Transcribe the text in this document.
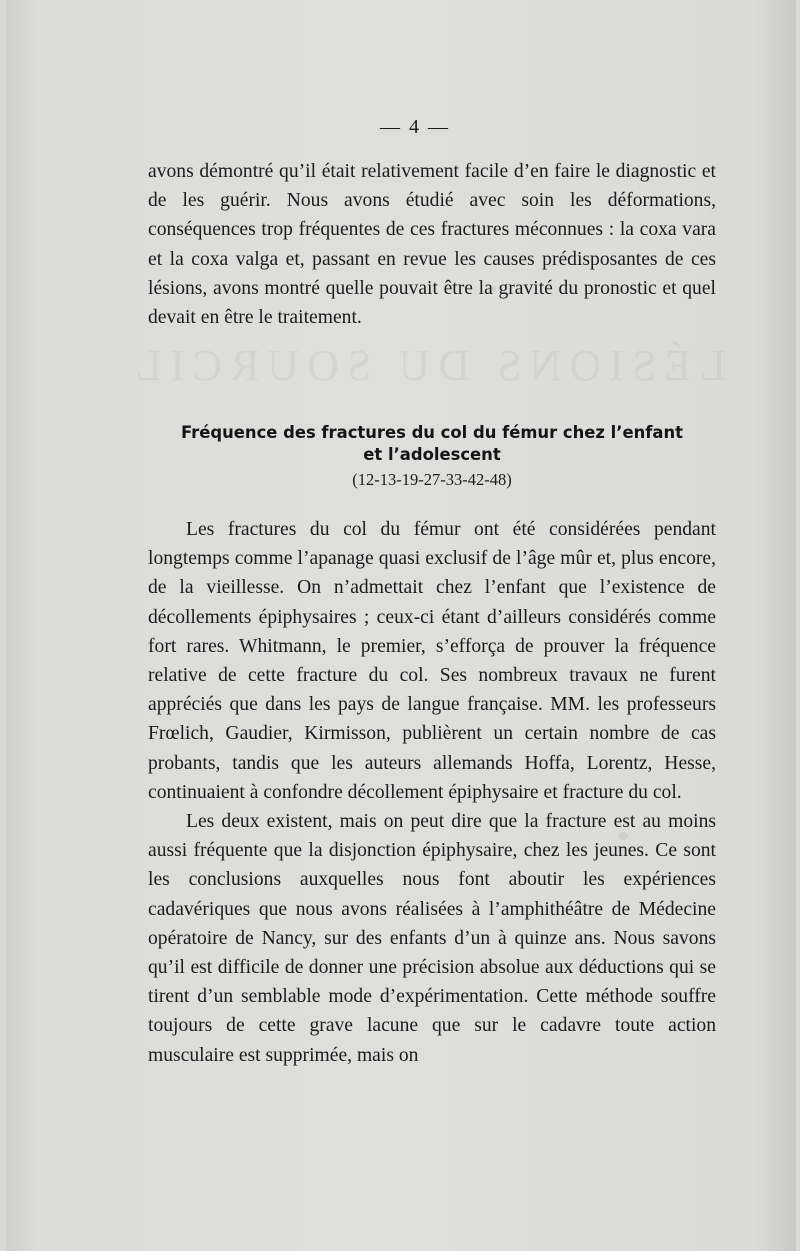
— 4 —

avons démontré qu’il était relativement facile d’en faire le diagnostic et de les guérir. Nous avons étudié avec soin les déformations, conséquences trop fréquentes de ces fractures méconnues : la coxa vara et la coxa valga et, passant en revue les causes prédisposantes de ces lésions, avons montré quelle pouvait être la gravité du pronostic et quel devait en être le traitement.

Fréquence des fractures du col du fémur chez l’enfant
et l’adolescent
(12-13-19-27-33-42-48)

Les fractures du col du fémur ont été considérées pendant longtemps comme l’apanage quasi exclusif de l’âge mûr et, plus encore, de la vieillesse. On n’admettait chez l’enfant que l’existence de décollements épiphysaires ; ceux-ci étant d’ailleurs considérés comme fort rares. Whitmann, le premier, s’efforça de prouver la fréquence relative de cette fracture du col. Ses nombreux travaux ne furent appréciés que dans les pays de langue française. MM. les professeurs Frœlich, Gaudier, Kirmisson, publièrent un certain nombre de cas probants, tandis que les auteurs allemands Hoffa, Lorentz, Hesse, continuaient à confondre décollement épiphysaire et fracture du col.

Les deux existent, mais on peut dire que la fracture est au moins aussi fréquente que la disjonction épiphysaire, chez les jeunes. Ce sont les conclusions auxquelles nous font aboutir les expériences cadavériques que nous avons réalisées à l’amphithéâtre de Médecine opératoire de Nancy, sur des enfants d’un à quinze ans. Nous savons qu’il est difficile de donner une précision absolue aux déductions qui se tirent d’un semblable mode d’expérimentation. Cette méthode souffre toujours de cette grave lacune que sur le cadavre toute action musculaire est supprimée, mais on
